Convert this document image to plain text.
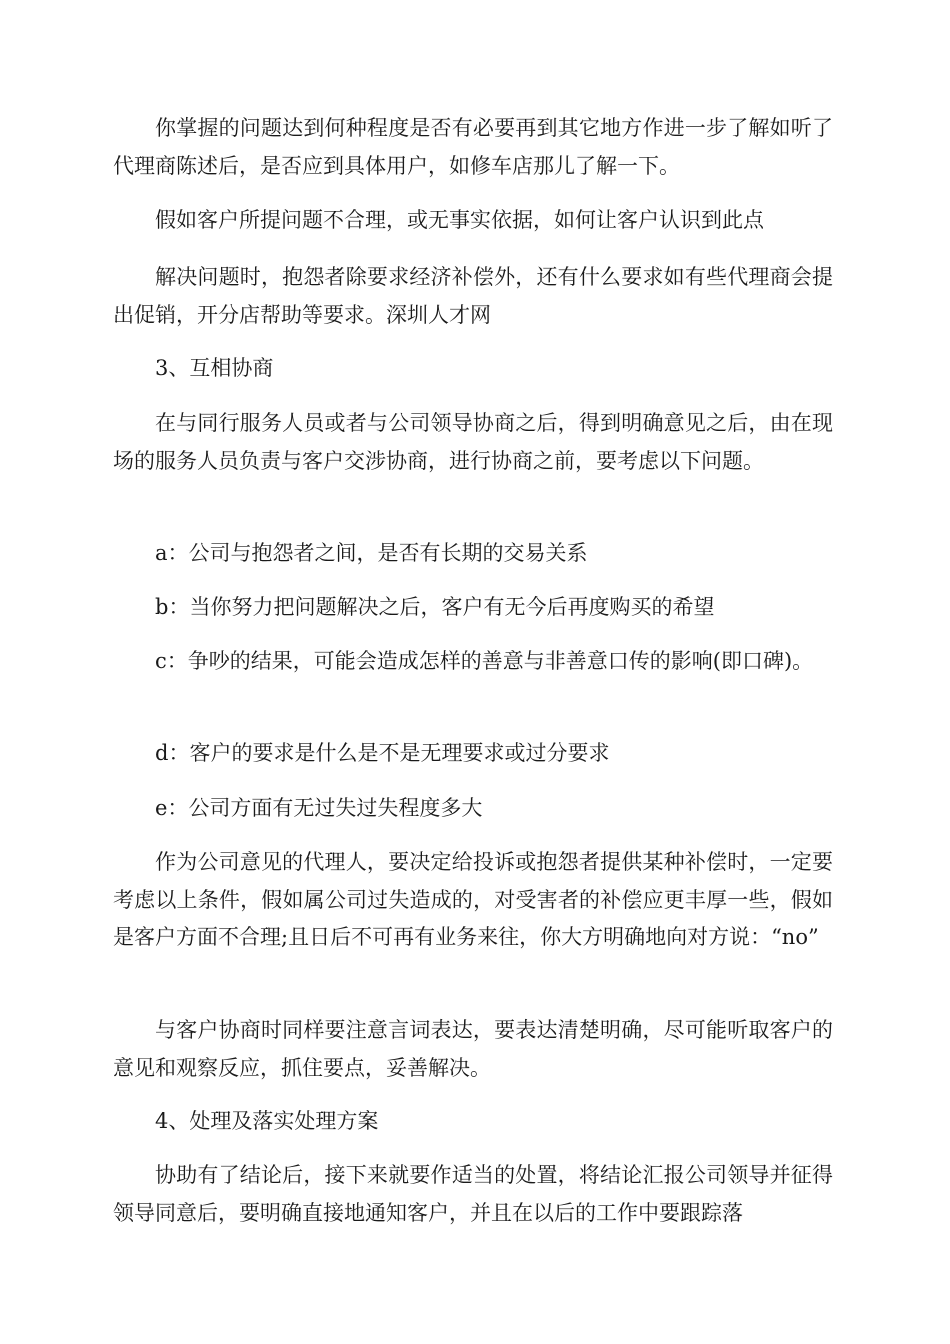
你掌握的问题达到何种程度是否有必要再到其它地方作进一步了解如听了代理商陈述后，是否应到具体用户，如修车店那儿了解一下。

假如客户所提问题不合理，或无事实依据，如何让客户认识到此点

解决问题时，抱怨者除要求经济补偿外，还有什么要求如有些代理商会提出促销，开分店帮助等要求。深圳人才网

3、互相协商

在与同行服务人员或者与公司领导协商之后，得到明确意见之后，由在现场的服务人员负责与客户交涉协商，进行协商之前，要考虑以下问题。

a：公司与抱怨者之间，是否有长期的交易关系

b：当你努力把问题解决之后，客户有无今后再度购买的希望

c：争吵的结果，可能会造成怎样的善意与非善意口传的影响(即口碑)。

d：客户的要求是什么是不是无理要求或过分要求

e：公司方面有无过失过失程度多大

作为公司意见的代理人，要决定给投诉或抱怨者提供某种补偿时，一定要考虑以上条件，假如属公司过失造成的，对受害者的补偿应更丰厚一些，假如是客户方面不合理;且日后不可再有业务来往，你大方明确地向对方说：“no”

与客户协商时同样要注意言词表达，要表达清楚明确，尽可能听取客户的意见和观察反应，抓住要点，妥善解决。

4、处理及落实处理方案

协助有了结论后，接下来就要作适当的处置，将结论汇报公司领导并征得领导同意后，要明确直接地通知客户，并且在以后的工作中要跟踪落
